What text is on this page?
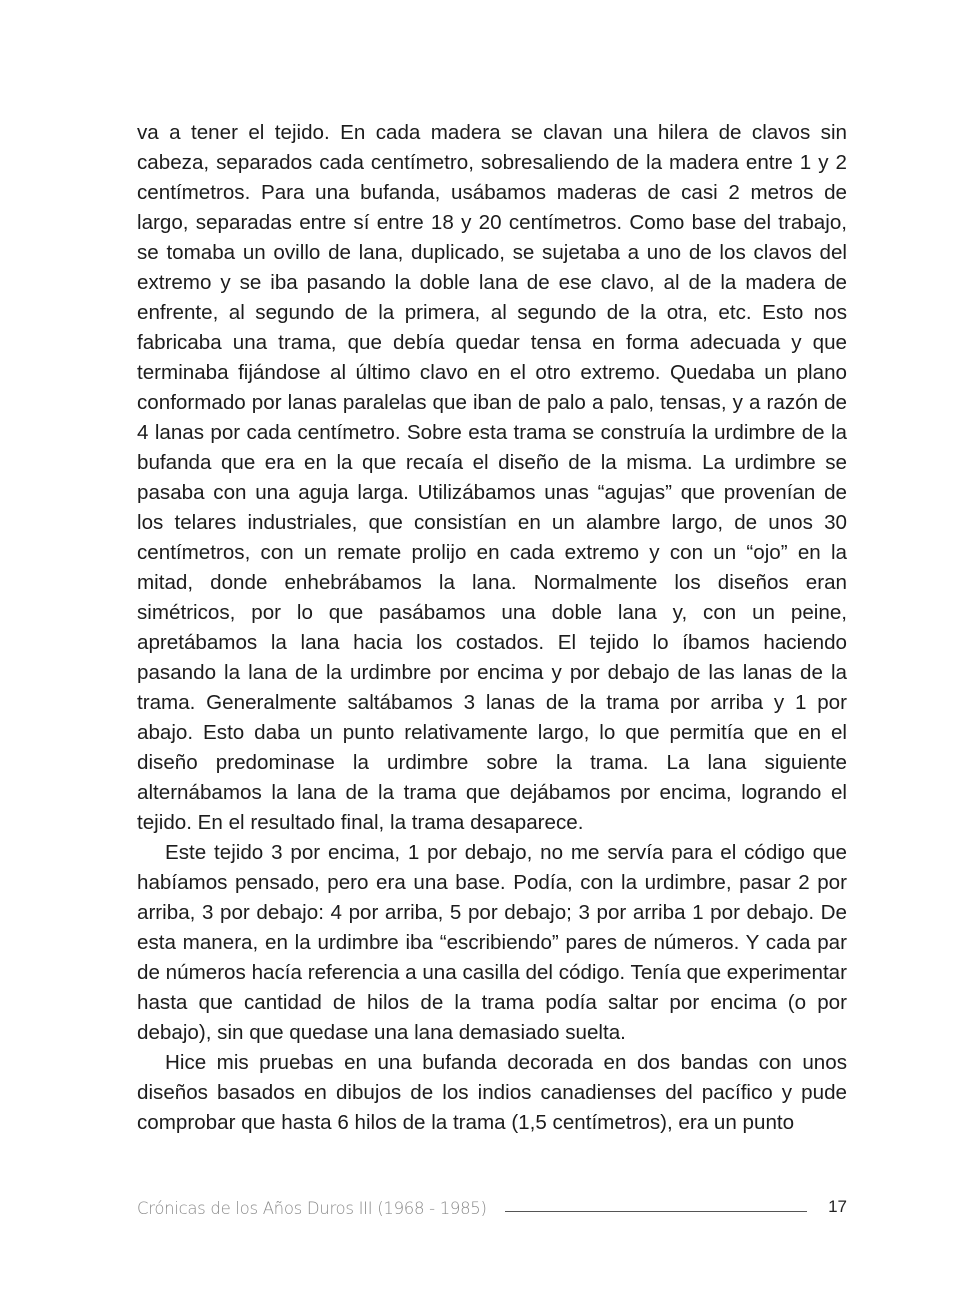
va a tener el tejido. En cada madera se clavan una hilera de clavos sin cabeza, separados cada centímetro, sobresaliendo de la madera entre 1 y 2 centímetros. Para una bufanda, usábamos maderas de casi 2 metros de largo, separadas entre sí entre 18 y 20 centímetros. Como base del trabajo, se tomaba un ovillo de lana, duplicado, se sujetaba a uno de los clavos del extremo y se iba pasando la doble lana de ese clavo, al de la madera de enfrente, al segundo de la primera, al segundo de la otra, etc. Esto nos fabricaba una trama, que debía quedar tensa en forma adecuada y que terminaba fijándose al último clavo en el otro extremo. Quedaba un plano conformado por lanas paralelas que iban de palo a palo, tensas, y a razón de 4 lanas por cada centímetro. Sobre esta trama se construía la urdimbre de la bufanda que era en la que recaía el diseño de la misma. La urdimbre se pasaba con una aguja larga. Utilizábamos unas “agujas” que provenían de los telares industriales, que consistían en un alambre largo, de unos 30 centímetros, con un remate prolijo en cada extremo y con un “ojo” en la mitad, donde enhebrábamos la lana. Normalmente los diseños eran simétricos, por lo que pasábamos una doble lana y, con un peine, apretábamos la lana hacia los costados. El tejido lo íbamos haciendo pasando la lana de la urdimbre por encima y por debajo de las lanas de la trama. Generalmente saltábamos 3 lanas de la trama por arriba y 1 por abajo. Esto daba un punto relativamente largo, lo que permitía que en el diseño predominase la urdimbre sobre la trama. La lana siguiente alternábamos la lana de la trama que dejábamos por encima, logrando el tejido. En el resultado final, la trama desaparece.

Este tejido 3 por encima, 1 por debajo, no me servía para el código que habíamos pensado, pero era una base. Podía, con la urdimbre, pasar 2 por arriba, 3 por debajo: 4 por arriba, 5 por debajo; 3 por arriba 1 por debajo. De esta manera, en la urdimbre iba “escribiendo” pares de números. Y cada par de números hacía referencia a una casilla del código. Tenía que experimentar hasta que cantidad de hilos de la trama podía saltar por encima (o por debajo), sin que quedase una lana demasiado suelta.

Hice mis pruebas en una bufanda decorada en dos bandas con unos diseños basados en dibujos de los indios canadienses del pacífico y pude comprobar que hasta 6 hilos de la trama (1,5 centímetros), era un punto

Crónicas de los Años Duros III (1968 - 1985)	17
